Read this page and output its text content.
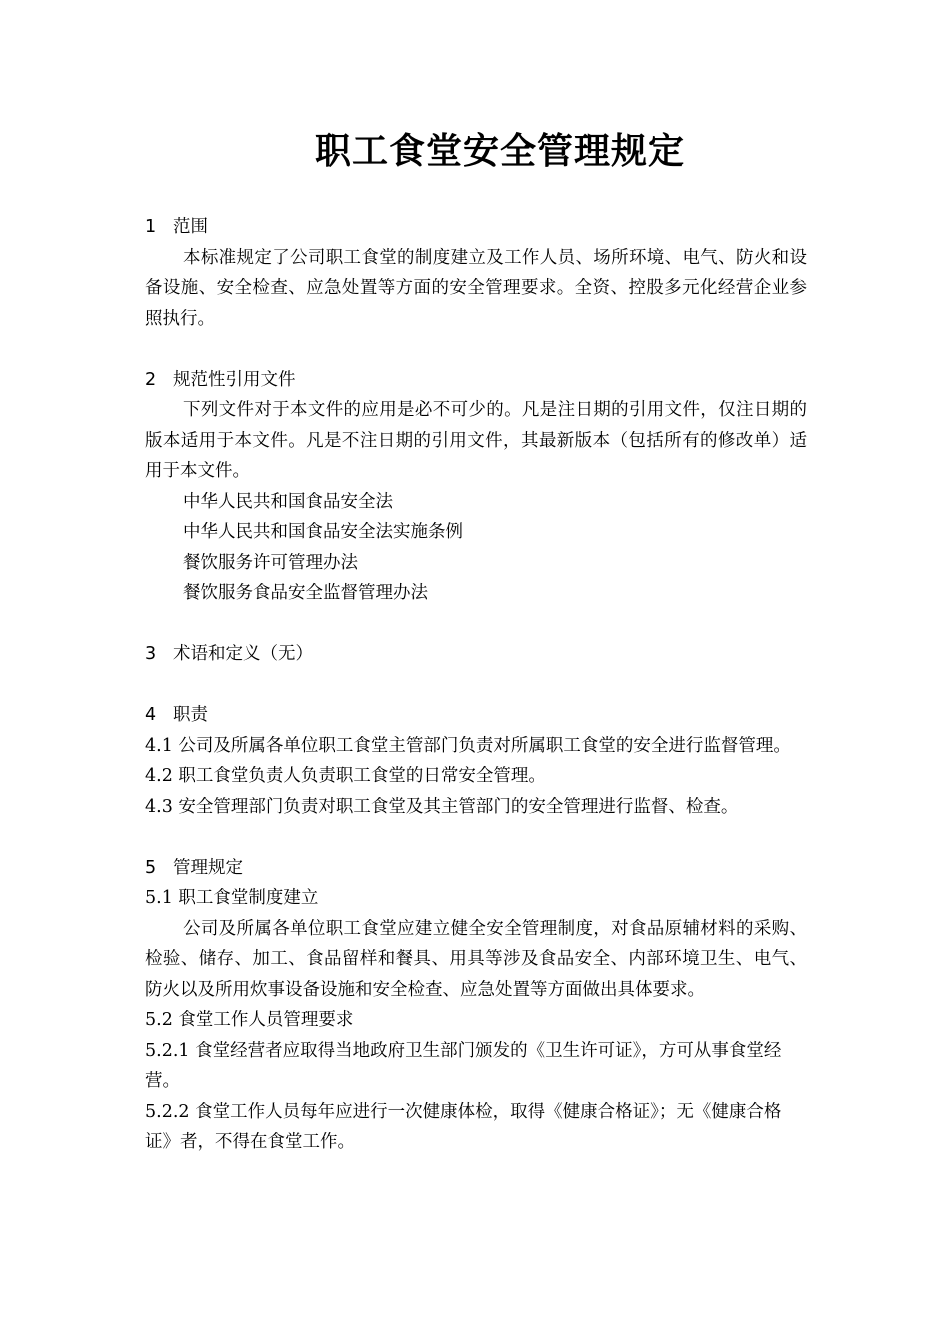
职工食堂安全管理规定
1 范围

本标准规定了公司职工食堂的制度建立及工作人员、场所环境、电气、防火和设备设施、安全检查、应急处置等方面的安全管理要求。全资、控股多元化经营企业参照执行。

2 规范性引用文件

下列文件对于本文件的应用是必不可少的。凡是注日期的引用文件，仅注日期的版本适用于本文件。凡是不注日期的引用文件，其最新版本（包括所有的修改单）适用于本文件。

中华人民共和国食品安全法

中华人民共和国食品安全法实施条例

餐饮服务许可管理办法

餐饮服务食品安全监督管理办法

3 术语和定义（无）
4 职责

4.1 公司及所属各单位职工食堂主管部门负责对所属职工食堂的安全进行监督管理。

4.2 职工食堂负责人负责职工食堂的日常安全管理。

4.3 安全管理部门负责对职工食堂及其主管部门的安全管理进行监督、检查。

5 管理规定

5.1 职工食堂制度建立

公司及所属各单位职工食堂应建立健全安全管理制度，对食品原辅材料的采购、检验、储存、加工、食品留样和餐具、用具等涉及食品安全、内部环境卫生、电气、防火以及所用炊事设备设施和安全检查、应急处置等方面做出具体要求。

5.2 食堂工作人员管理要求

5.2.1 食堂经营者应取得当地政府卫生部门颁发的《卫生许可证》，方可从事食堂经营。

5.2.2 食堂工作人员每年应进行一次健康体检，取得《健康合格证》；无《健康合格证》者，不得在食堂工作。
